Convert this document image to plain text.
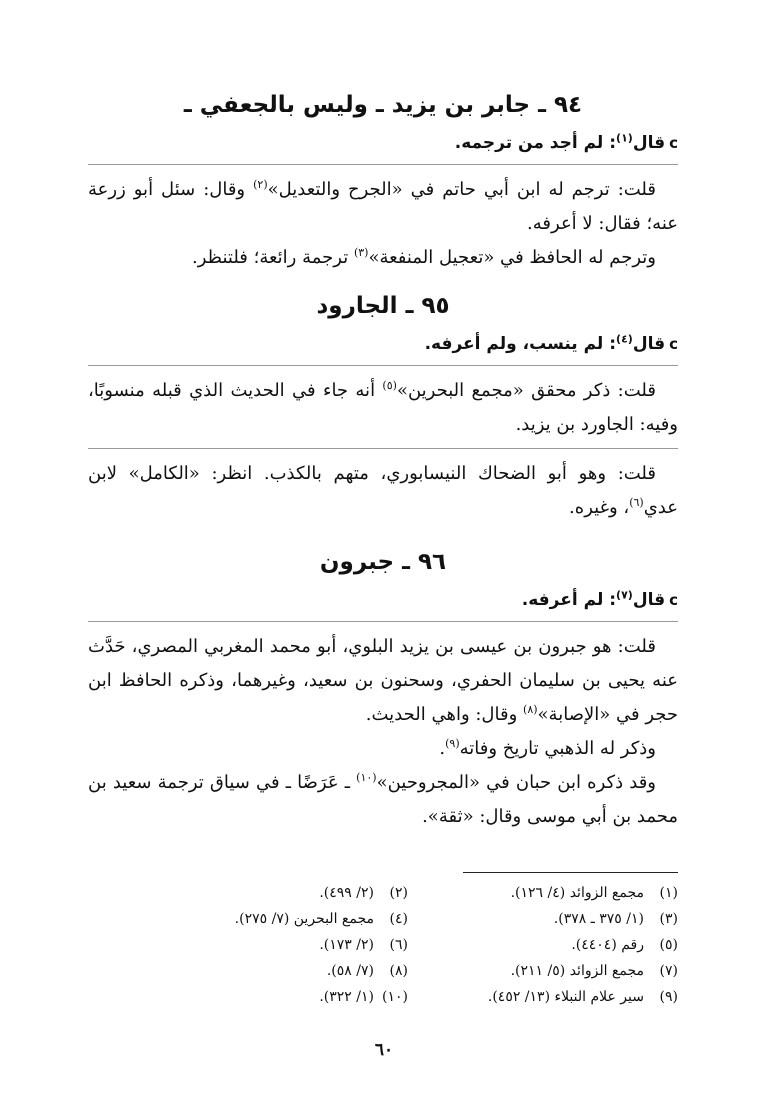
٩٤ ـ جابر بن يزيد ـ وليس بالجعفي ـ
cقال$^{(١)}$: لم أجد من ترجمه.

قلت: ترجم له ابن أبي حاتم في «الجرح والتعديل»$^{(٢)}$ وقال: سئل أبو زرعة عنه؛ فقال: لا أعرفه.

وترجم له الحافظ في «تعجيل المنفعة»$^{(٣)}$ ترجمة رائعة؛ فلتنظر.

٩٥ ـ الجارود
cقال$^{(٤)}$: لم ينسب، ولم أعرفه.

قلت: ذكر محقق «مجمع البحرين»$^{(٥)}$ أنه جاء في الحديث الذي قبله منسوبًا، وفيه: الجاورد بن يزيد.

قلت: وهو أبو الضحاك النيسابوري، متهم بالكذب. انظر: «الكامل» لابن عدي$^{(٦)}$، وغيره.

٩٦ ـ جبرون
cقال$^{(٧)}$: لم أعرفه.

قلت: هو جبرون بن عيسى بن يزيد البلوي، أبو محمد المغربي المصري، حَدَّث عنه يحيى بن سليمان الحفري، وسحنون بن سعيد، وغيرهما، وذكره الحافظ ابن حجر في «الإصابة»$^{(٨)}$ وقال: واهي الحديث.

وذكر له الذهبي تاريخ وفاته$^{(٩)}$.

وقد ذكره ابن حبان في «المجروحين»$^{(١٠)}$ ـ عَرَضًا ـ في سياق ترجمة سعيد بن محمد بن أبي موسى وقال: «ثقة».

(١)مجمع الزوائد (٤/ ١٢٦).
(٢)(٢/ ٤٩٩).
(٣)(١/ ٣٧٥ ـ ٣٧٨).
(٤)مجمع البحرين (٧/ ٢٧٥).
(٥)رقم (٤٤٠٤).
(٦)(٢/ ١٧٣).
(٧)مجمع الزوائد (٥/ ٢١١).
(٨)(٧/ ٥٨).
(٩)سير علام النبلاء (١٣/ ٤٥٢).
(١٠)(١/ ٣٢٢).
٦٠
